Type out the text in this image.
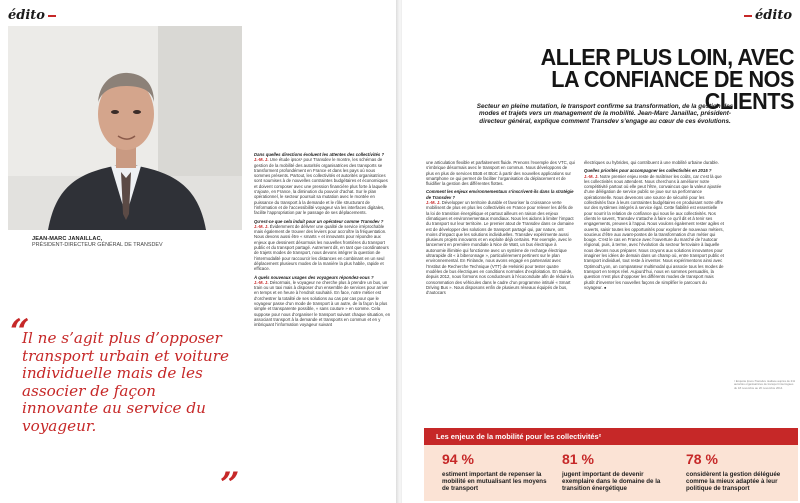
édito
JEAN-MARC JANAILLAC,
PRÉSIDENT-DIRECTEUR GÉNÉRAL DE TRANSDEV
“
Il ne s’agit plus d’opposer transport urbain et voiture individuelle mais de les associer de façon innovante au service du voyageur.
”
Dans quelles directions évoluent les attentes des collectivités ?

J.-M. J. Une étude ipsos¹ pour Transdev le montre, les schémas de gestion de la mobilité des autorités organisatrices des transports se transforment profondément en France et dans les pays où nous sommes présents. Partout, les collectivités et autorités organisatrices sont soumises à de nouvelles contraintes budgétaires et économiques et doivent composer avec une pression financière plus forte à laquelle s’ajoute, en France, la diminution du pouvoir d’achat. Sur le plan opérationnel, le secteur poursuit sa mutation avec le montée en puissance du transport à la demande et le rôle structurant de l’information et de l’accessibilité voyageur via les interfaces digitales, facilite l’appropriation par le passage de ses déplacements.

Qu’est-ce que cela induit pour un opérateur comme Transdev ?

J.-M. J. Évidemment de délivrer une qualité de service irréprochable mais également de trouver des leviers pour accroître la fréquentation. Nous devons aussi être « smarts » et innovants pour répondre aux enjeux que dessinent désormais les nouvelles frontières du transport public et du transport partagé. Autrement dit, en tant que coordinateurs de trajets modes de transport, nous devons intégrer la question de l’intermodalité pour raccourcir les distances en combinant en un seul déplacement plusieurs modes de la manière la plus habile, rapide et efficace.

À quels nouveaux usages des voyageurs répondez-vous ?

J.-M. J. Désormais, le voyageur ne cherche plus à prendre un bus, un train ou un taxi mais à disposer d’un ensemble de services pour arriver en temps et en heure à l’endroit souhaité. En face, notre métier est d’orchestrer la totalité de ses solutions au cas par cas pour que le voyageur passe d’un mode de transport à un autre, de la façon la plus simple et transparente possible, « sans couture » en somme. Cela suppose pour nous d’organiser le transport suivant chaque situation, en associant transport à la demande et transports en commun et en y imbriquant l’information voyageur suivant

édito
ALLER PLUS LOIN, AVEC
LA CONFIANCE DE NOS CLIENTS
Secteur en pleine mutation, le transport confirme sa transformation, de la gestion des modes et trajets vers un management de la mobilité. Jean-Marc Janaillac, président-directeur général, explique comment Transdev s’engage au cœur de ces évolutions.

une articulation flexible et parfaitement fluide. Prenons l’exemple des VTC, qui s’imbrique désormais avec le transport en commun. Nous développons de plus en plus de services BtoB et BtoC à partir des nouvelles applications sur smartphone ce qui permet de faciliter l’organisation du déplacement et de fluidifier la gestion des différentes flottes.

Comment les enjeux environnementaux s’inscrivent-ils dans la stratégie de Transdev ?

J.-M. J. Développer un territoire durable et favoriser la croissance verte mobilisent de plus en plus les collectivités en France pour relever les défis de la loi de transition énergétique et partout ailleurs en raison des enjeux climatiques et environnementaux mondiaux. Nous les aidons à limiter l’impact du transport sur leur territoire. Le premier atout de Transdev dans ce domaine est de développer des solutions de transport partagé qui, par nature, ont moins d’impact que les solutions individuelles. Transdev expérimente aussi plusieurs projets innovants et en exploite déjà certains. Par exemple, avec le lancement en première mondiale à Nice de Watt, un bus électrique à autonomie illimitée qui fonctionne avec un système de recharge électrique ultrarapide dit « à biberonnage », particulièrement pertinent sur le plan environnemental. En Finlande, nous avons engagé en partenariat avec l’Institut de Recherche Technique (VTT) de Helsinki pour tester quatre modèles de bus électriques en conditions normales d’exploitation. En Suède, depuis 2012, nous formons nos conducteurs à l’écoconduite afin de réduire la consommation des véhicules dans le cadre d’un programme intitulé « Smart Driving Bus ». Nous disposons enfin de plusieurs réseaux équipés de bus, d’autocars

électriques ou hybrides, qui contribuent à une mobilité urbaine durable.

Quelles priorités pour accompagner les collectivités en 2015 ?

J.-M. J. Notre premier enjeu reste de maîtriser les coûts, car c’est là que les collectivités nous attendent. Nous cherchons à améliorer notre compétitivité partout où elle peut l’être, convaincus que la valeur ajoutée d’une délégation de service public se joue sur sa performance opérationnelle. Nous devenons une source de sécurité pour les collectivités face à leurs contraintes budgétaires en produisant notre offre sur des systèmes intégrés à service égal. Cette fiabilité est essentielle pour nourrir la relation de confiance qui nous lie aux collectivités. Nos clients le savent, Transdev s’attache à faire ce qu’il dit et à tenir ses engagements, preuves à l’appui. Nous voulons également rester agiles et ouverts, saisir toutes les opportunités pour explorer de nouveaux métiers, soucieux d’être aux avant-postes de la transformation d’un métier qui bouge. C’est le cas en France avec l’ouverture du marché de l’autocar régional, puis, à terme, avec l’évolution du secteur ferroviaire à laquelle nous devons nous préparer. Nous croyons aux solutions innovantes pour imaginer les idées de demain dans un champ où, entre transport public et transport individuel, tout reste à inventer. Nous expérimentons ainsi avec Optimod’Lyon, un comparateur multimodal qui associe tous les modes de transport en temps réel. Aujourd’hui, nous en sommes persuadés, la question n’est plus d’opposer les différents modes de transport mais plutôt d’inventer les nouvelles façons de simplifier le parcours du voyageur. ●

¹ Enquête Ipsos-Transdev réalisée auprès de 211 autorités organisatrices de transport interrogées du 18 novembre au 20 novembre 2014.
Les enjeux de la mobilité pour les collectivités²
94 % estiment important de repenser la mobilité en mutualisant les moyens de transport
81 % jugent important de devenir exemplaire dans le domaine de la transition énergétique
78 % considèrent la gestion déléguée comme la mieux adaptée à leur politique de transport
